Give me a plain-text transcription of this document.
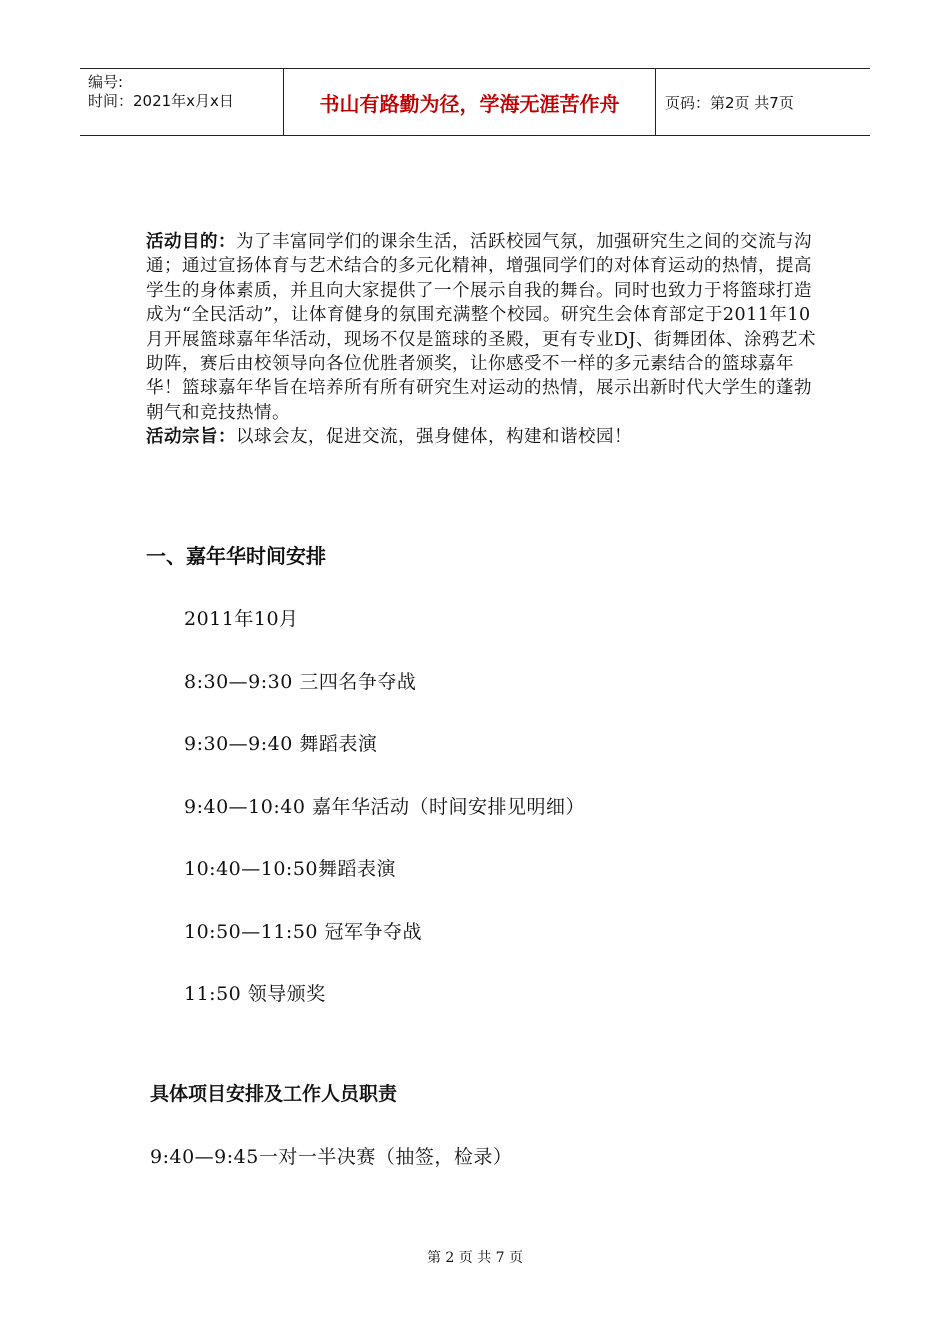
编号:
时间：2021年x月x日	书山有路勤为径，学海无涯苦作舟	页码：第2页 共7页

活动目的：为了丰富同学们的课余生活，活跃校园气氛，加强研究生之间的交流与沟通；通过宣扬体育与艺术结合的多元化精神，增强同学们的对体育运动的热情，提高学生的身体素质，并且向大家提供了一个展示自我的舞台。同时也致力于将篮球打造成为“全民活动”，让体育健身的氛围充满整个校园。研究生会体育部定于2011年10月开展篮球嘉年华活动，现场不仅是篮球的圣殿，更有专业DJ、街舞团体、涂鸦艺术助阵，赛后由校领导向各位优胜者颁奖，让你感受不一样的多元素结合的篮球嘉年华！篮球嘉年华旨在培养所有所有研究生对运动的热情，展示出新时代大学生的蓬勃朝气和竞技热情。

活动宗旨：以球会友，促进交流，强身健体，构建和谐校园！

一、嘉年华时间安排
2011年10月
8:30—9:30 三四名争夺战
9:30—9:40 舞蹈表演
9:40—10:40 嘉年华活动（时间安排见明细）
10:40—10:50舞蹈表演
10:50—11:50 冠军争夺战
11:50 领导颁奖
具体项目安排及工作人员职责
9:40—9:45一对一半决赛（抽签，检录）
第 2 页 共 7 页
